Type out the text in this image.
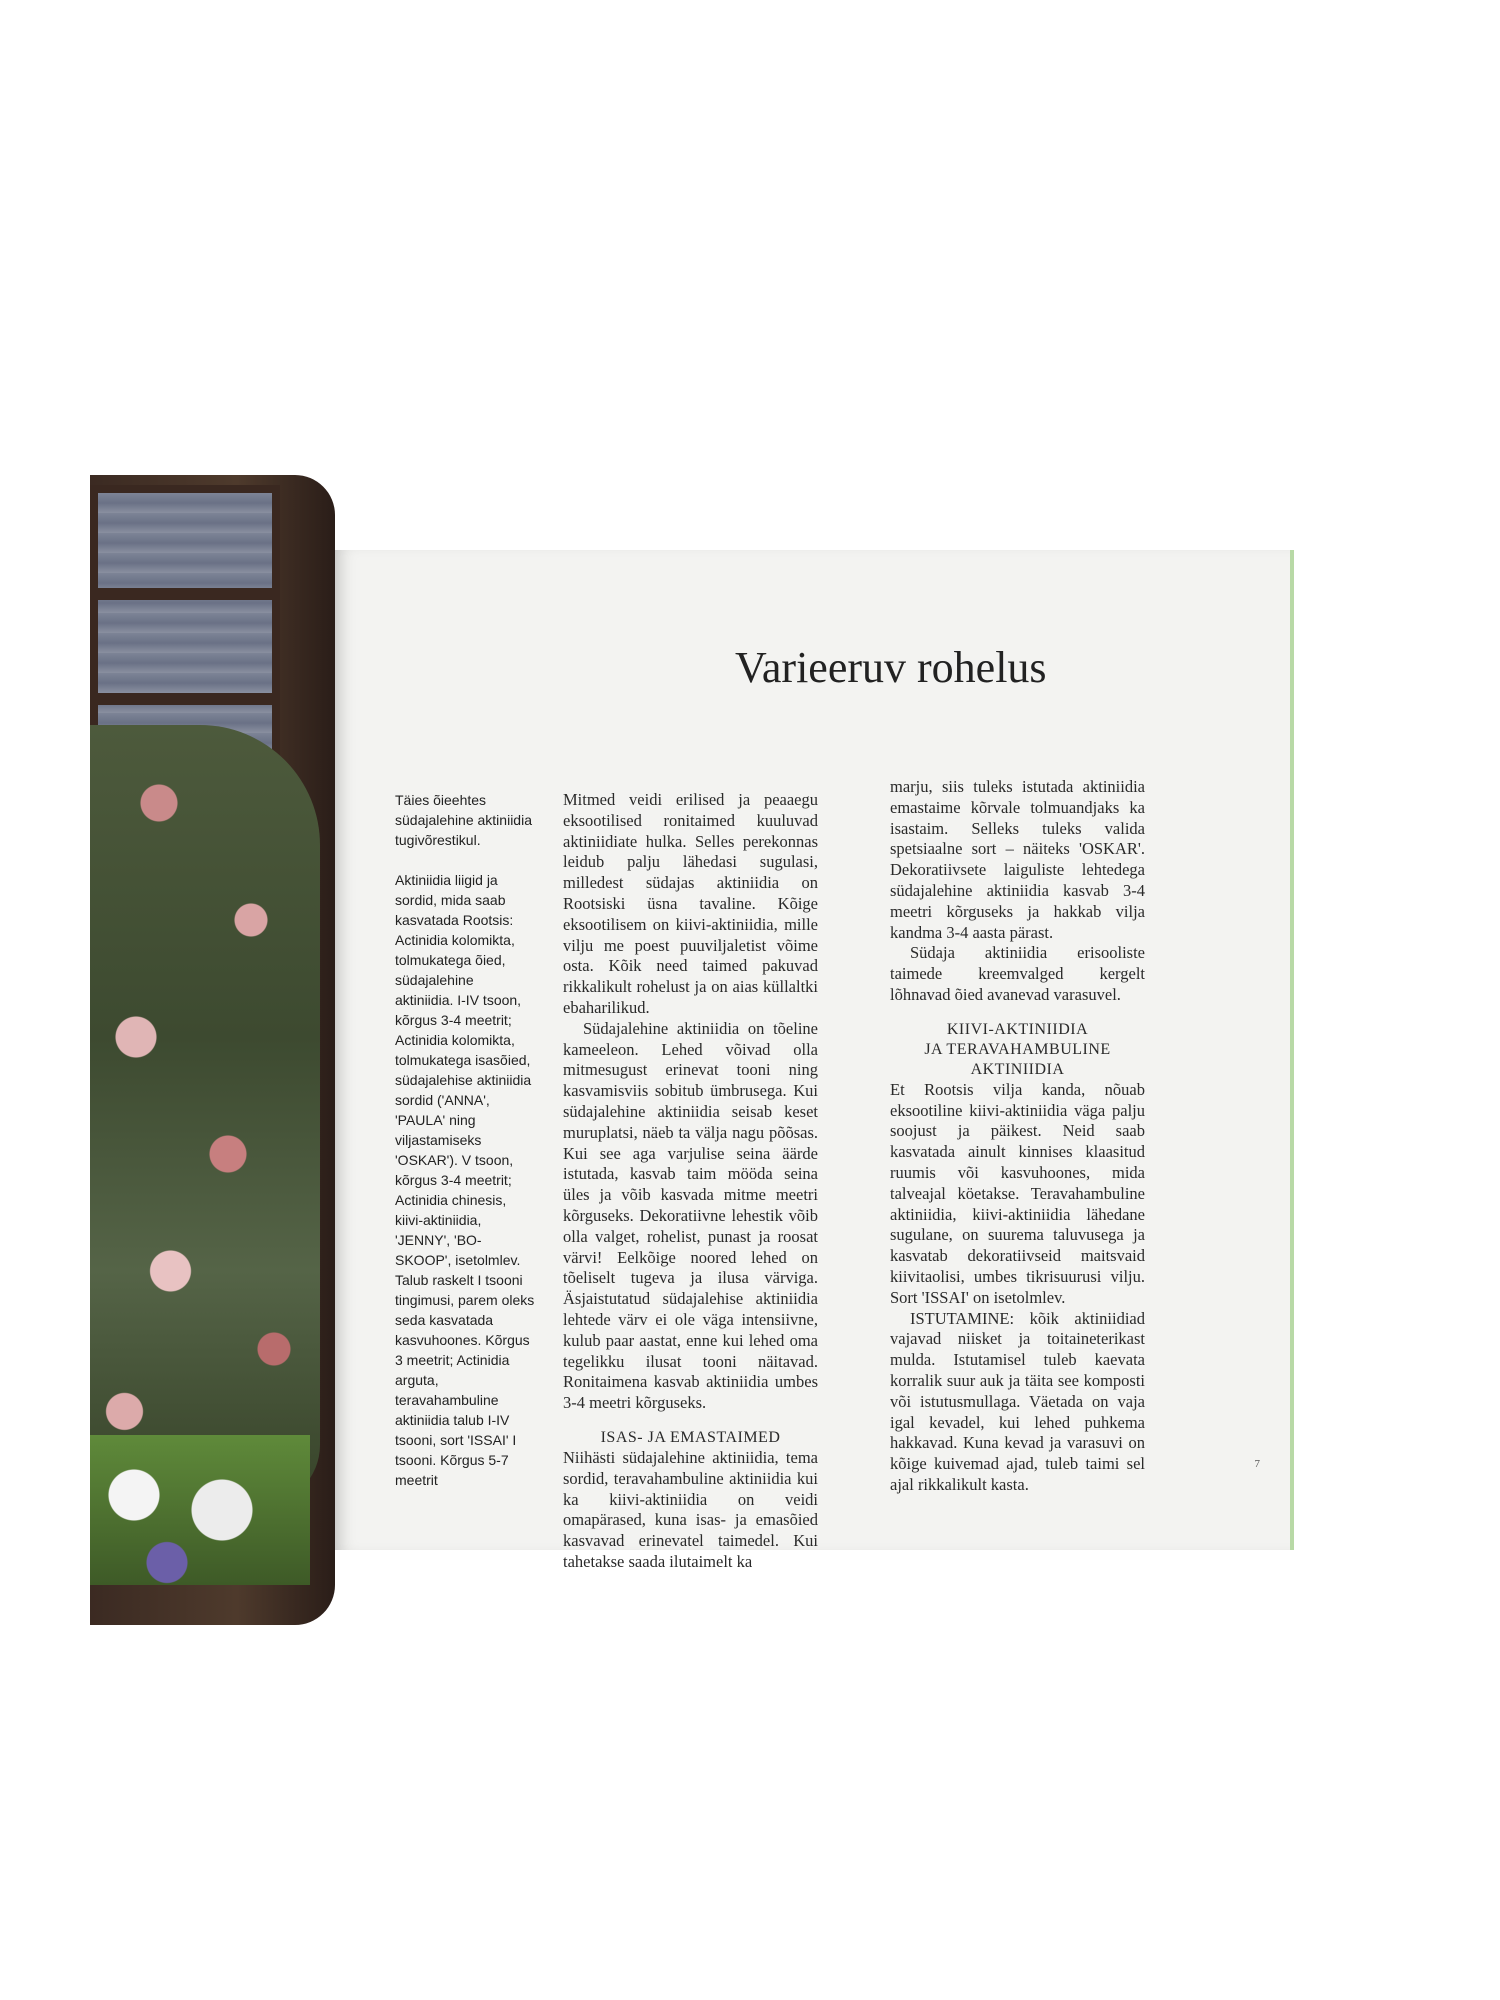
Varieeruv rohelus

Täies õieehtes südajalehine aktiniidia tugivõrestikul.

Aktiniidia liigid ja sordid, mida saab kasvatada Rootsis: Actinidia kolomikta, tolmukatega õied, südajalehine aktiniidia. I-IV tsoon, kõrgus 3-4 meetrit; Actinidia kolomikta, tolmukatega isasõied, südajalehise aktiniidia sordid ('ANNA', 'PAULA' ning viljastamiseks 'OSKAR'). V tsoon, kõrgus 3-4 meetrit; Actinidia chinesis, kiivi-aktiniidia, 'JENNY', 'BO-SKOOP', isetolmlev. Talub raskelt I tsooni tingimusi, parem oleks seda kasvatada kasvuhoones. Kõrgus 3 meetrit; Actinidia arguta, teravahambuline aktiniidia talub I-IV tsooni, sort 'ISSAI' I tsooni. Kõrgus 5-7 meetrit

Mitmed veidi erilised ja peaaegu eksootilised ronitaimed kuuluvad aktiniidiate hulka. Selles perekonnas leidub palju lähedasi sugulasi, milledest südajas aktiniidia on Rootsiski üsna tavaline. Kõige eksootilisem on kiivi-aktiniidia, mille vilju me poest puuviljaletist võime osta. Kõik need taimed pakuvad rikkalikult rohelust ja on aias küllaltki ebaharilikud.

Südajalehine aktiniidia on tõeline kameeleon. Lehed võivad olla mitmesugust erinevat tooni ning kasvamisviis sobitub ümbrusega. Kui südajalehine aktiniidia seisab keset muruplatsi, näeb ta välja nagu põõsas. Kui see aga varjulise seina äärde istutada, kasvab taim mööda seina üles ja võib kasvada mitme meetri kõrguseks. Dekoratiivne lehestik võib olla valget, rohelist, punast ja roosat värvi! Eelkõige noored lehed on tõeliselt tugeva ja ilusa värviga. Äsjaistutatud südajalehise aktiniidia lehtede värv ei ole väga intensiivne, kulub paar aastat, enne kui lehed oma tegelikku ilusat tooni näitavad. Ronitaimena kasvab aktiniidia umbes 3-4 meetri kõrguseks.

ISAS- JA EMASTAIMED

Niihästi südajalehine aktiniidia, tema sordid, teravahambuline aktiniidia kui ka kiivi-aktiniidia on veidi omapärased, kuna isas- ja emasõied kasvavad erinevatel taimedel. Kui tahetakse saada ilutaimelt ka

marju, siis tuleks istutada aktiniidia emastaime kõrvale tolmuandjaks ka isastaim. Selleks tuleks valida spetsiaalne sort – näiteks 'OSKAR'. Dekoratiivsete laiguliste lehtedega südajalehine aktiniidia kasvab 3-4 meetri kõrguseks ja hakkab vilja kandma 3-4 aasta pärast.

Südaja aktiniidia erisooliste taimede kreemvalged kergelt lõhnavad õied avanevad varasuvel.

KIIVI-AKTINIIDIA
JA TERAVAHAMBULINE AKTINIIDIA

Et Rootsis vilja kanda, nõuab eksootiline kiivi-aktiniidia väga palju soojust ja päikest. Neid saab kasvatada ainult kinnises klaasitud ruumis või kasvuhoones, mida talveajal köetakse. Teravahambuline aktiniidia, kiivi-aktiniidia lähedane sugulane, on suurema taluvusega ja kasvatab dekoratiivseid maitsvaid kiivitaolisi, umbes tikrisuurusi vilju. Sort 'ISSAI' on isetolmlev.

ISTUTAMINE: kõik aktiniidiad vajavad niisket ja toitaineterikast mulda. Istutamisel tuleb kaevata korralik suur auk ja täita see komposti või istutusmullaga. Väetada on vaja igal kevadel, kui lehed puhkema hakkavad. Kuna kevad ja varasuvi on kõige kuivemad ajad, tuleb taimi sel ajal rikkalikult kasta.

7
